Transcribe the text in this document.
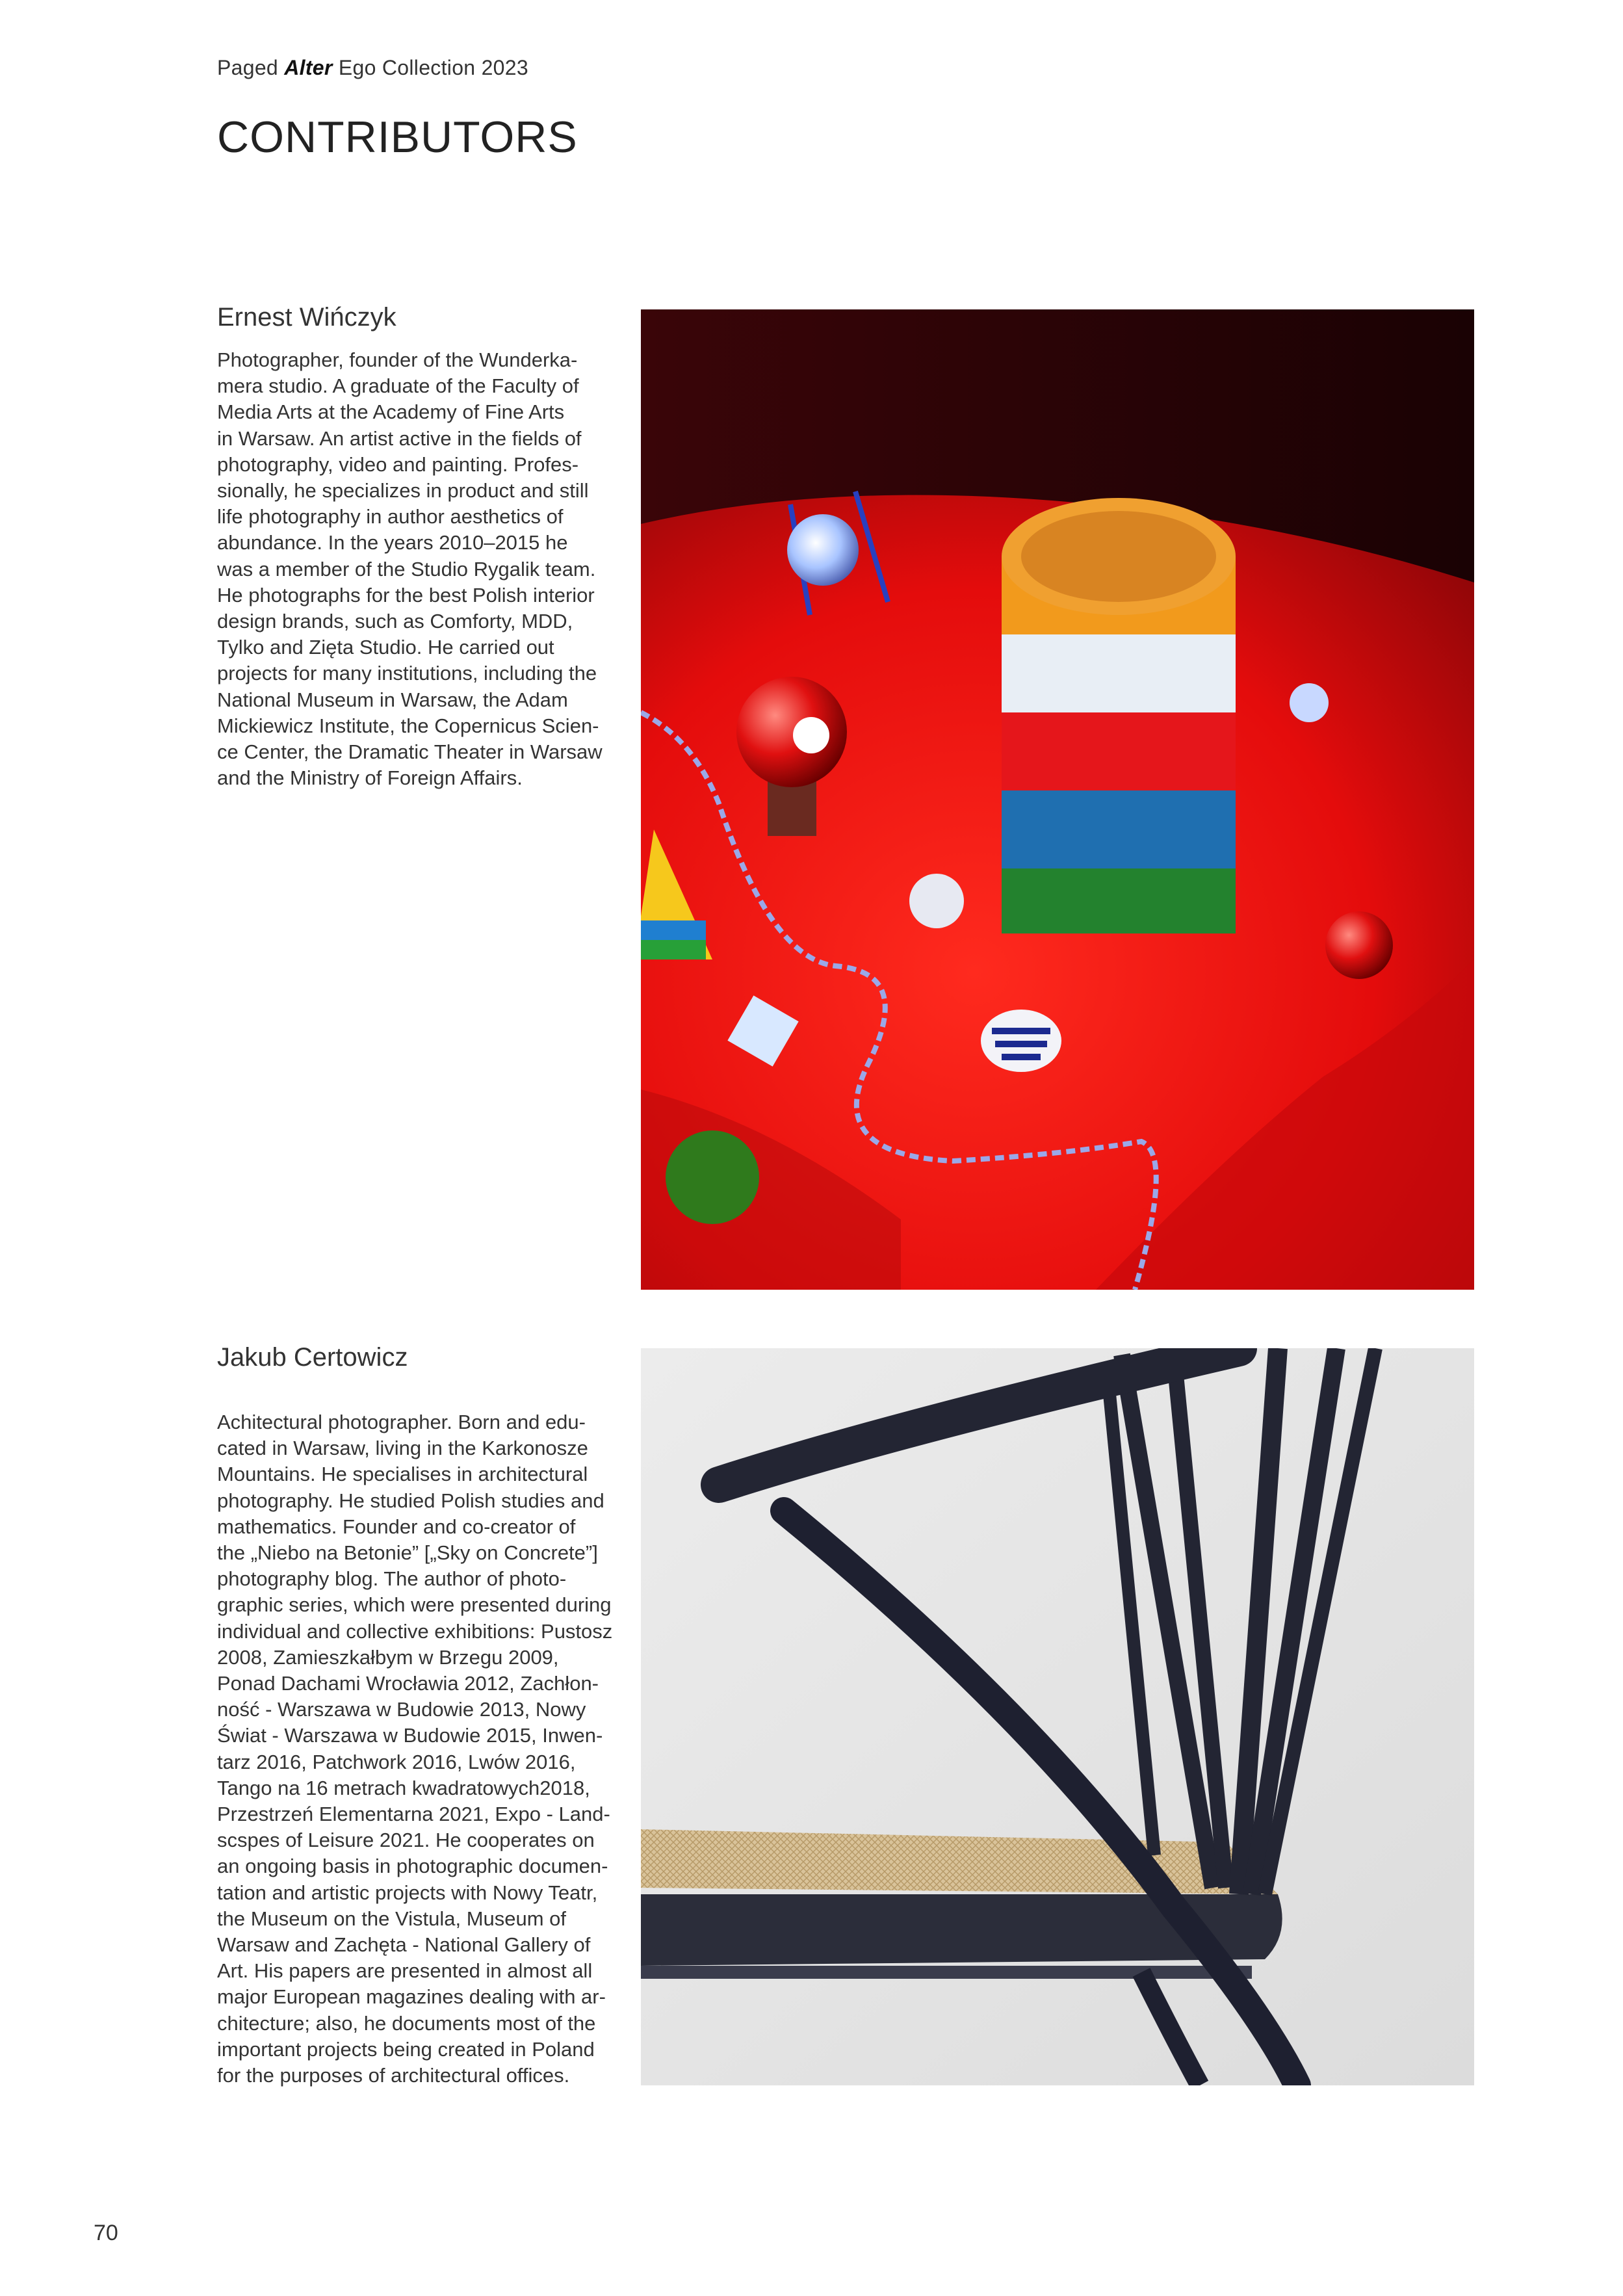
Paged Alter Ego Collection 2023
CONTRIBUTORS
Ernest Wińczyk
Photographer, founder of the Wunderka-
mera studio. A graduate of the Faculty of
Media Arts at the Academy of Fine Arts
in Warsaw. An artist active in the fields of
photography, video and painting. Profes-
sionally, he specializes in product and still
life photography in author aesthetics of
abundance. In the years 2010–2015 he
was a member of the Studio Rygalik team.
He photographs for the best Polish interior
design brands, such as Comforty, MDD,
Tylko and Zięta Studio. He carried out
projects for many institutions, including the
National Museum in Warsaw, the Adam
Mickiewicz Institute, the Copernicus Scien-
ce Center, the Dramatic Theater in Warsaw
and the Ministry of Foreign Affairs.
Jakub Certowicz
Achitectural photographer. Born and edu-
cated in Warsaw, living in the Karkonosze
Mountains. He specialises in architectural
photography. He studied Polish studies and
mathematics. Founder and co-creator of
the „Niebo na Betonie” [„Sky on Concrete”]
photography blog. The author of photo-
graphic series, which were presented during
individual and collective exhibitions: Pustosz
2008, Zamieszkałbym w Brzegu 2009,
Ponad Dachami Wrocławia 2012, Zachłon-
ność - Warszawa w Budowie 2013, Nowy
Świat - Warszawa w Budowie 2015, Inwen-
tarz 2016, Patchwork 2016, Lwów 2016,
Tango na 16 metrach kwadratowych2018,
Przestrzeń Elementarna 2021, Expo - Land-
scspes of Leisure 2021. He cooperates on
an ongoing basis in photographic documen-
tation and artistic projects with Nowy Teatr,
the Museum on the Vistula, Museum of
Warsaw and Zachęta - National Gallery of
Art. His papers are presented in almost all
major European magazines dealing with ar-
chitecture; also, he documents most of the
important projects being created in Poland
for the purposes of architectural offices.
70
